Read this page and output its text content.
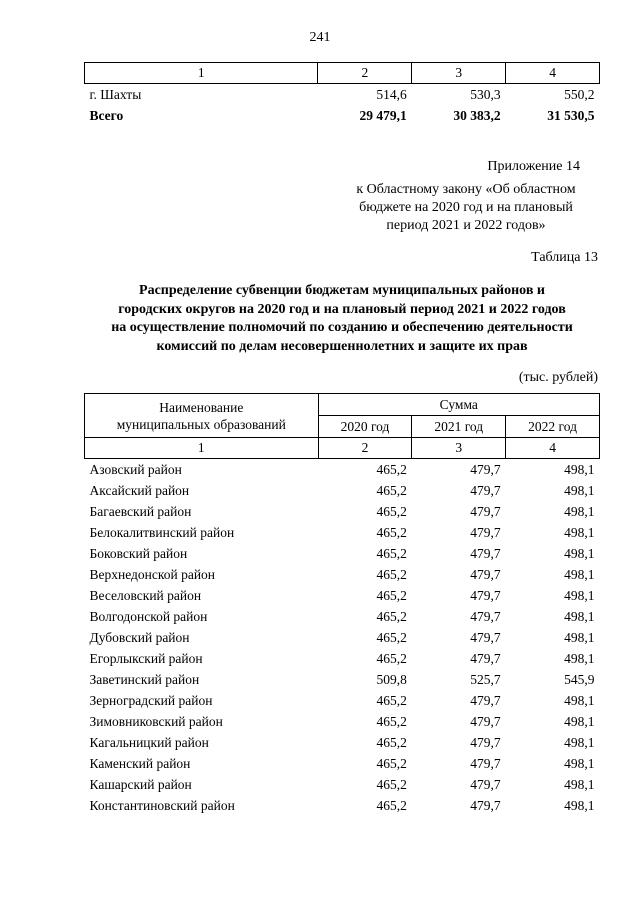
241
1	2	3	4
г. Шахты	514,6	530,3	550,2
Всего	29 479,1	30 383,2	31 530,5
Приложение 14
к Областному закону «Об областном
бюджете на 2020 год и на плановый
период 2021 и 2022 годов»
Таблица 13
Распределение субвенции бюджетам муниципальных районов и
городских округов на 2020 год и на плановый период 2021 и 2022 годов
на осуществление полномочий по созданию и обеспечению деятельности
комиссий по делам несовершеннолетних и защите их прав
(тыс. рублей)
Наименование
муниципальных образований	Сумма		
	2020 год	2021 год	2022 год
1	2	3	4
Азовский район	465,2	479,7	498,1
Аксайский район	465,2	479,7	498,1
Багаевский район	465,2	479,7	498,1
Белокалитвинский район	465,2	479,7	498,1
Боковский район	465,2	479,7	498,1
Верхнедонской район	465,2	479,7	498,1
Веселовский район	465,2	479,7	498,1
Волгодонской район	465,2	479,7	498,1
Дубовский район	465,2	479,7	498,1
Егорлыкский район	465,2	479,7	498,1
Заветинский район	509,8	525,7	545,9
Зерноградский район	465,2	479,7	498,1
Зимовниковский район	465,2	479,7	498,1
Кагальницкий район	465,2	479,7	498,1
Каменский район	465,2	479,7	498,1
Кашарский район	465,2	479,7	498,1
Константиновский район	465,2	479,7	498,1
